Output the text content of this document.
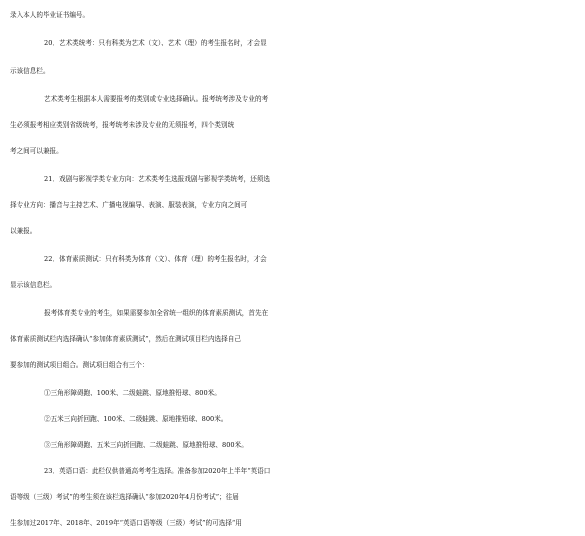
录入本人的毕业证书编号。
20．艺术类统考：只有科类为艺术（文）、艺术（理）的考生报名时，才会显
示该信息栏。
艺术类考生根据本人需要报考的类别或专业选择确认。报考统考涉及专业的考
生必须报考相应类别省级统考，报考统考未涉及专业的无须报考，四个类别统
考之间可以兼报。
21．戏剧与影视学类专业方向：艺术类考生选报戏剧与影视学类统考，还须选
择专业方向：播音与主持艺术、广播电视编导、表演、服装表演，专业方向之间可
以兼报。
22．体育素质测试：只有科类为体育（文）、体育（理）的考生报名时，才会
显示该信息栏。
报考体育类专业的考生，如果需要参加全省统一组织的体育素质测试，首先在
体育素质测试栏内选择确认“参加体育素质测试”，然后在测试项目栏内选择自己
要参加的测试项目组合。测试项目组合有三个：
①三角形障碍跑、100米、二级蛙跳、原地推铅球、800米。
②五米三向折回跑、100米、二级蛙跳、原地推铅球、800米。
③三角形障碍跑、五米三向折回跑、二级蛙跳、原地推铅球、800米。
23．英语口语：此栏仅供普通高考考生选择。准备参加2020年上半年“英语口
语等级（三级）考试”的考生须在该栏选择确认“参加2020年4月份考试”；往届
生参加过2017年、2018年、2019年“英语口语等级（三级）考试”的可选择“用
